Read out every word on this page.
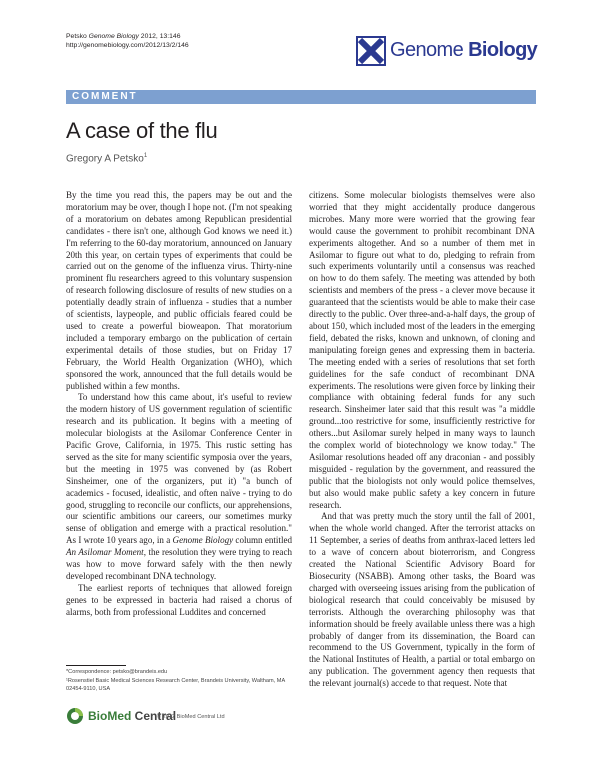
Petsko Genome Biology 2012, 13:146
http://genomebiology.com/2012/13/2/146	Genome Biology
COMMENT
A case of the flu
Gregory A Petsko$^1$

By the time you read this, the papers may be out and the moratorium may be over, though I hope not. (I'm not speaking of a moratorium on debates among Republican presidential candidates - there isn't one, although God knows we need it.) I'm referring to the 60-day moratorium, announced on January 20th this year, on certain types of experiments that could be carried out on the genome of the influenza virus. Thirty-nine prominent flu researchers agreed to this voluntary suspension of research following disclosure of results of new studies on a potentially deadly strain of influenza - studies that a number of scientists, laypeople, and public officials feared could be used to create a powerful bioweapon. That moratorium included a temporary embargo on the publication of certain experimental details of those studies, but on Friday 17 February, the World Health Organization (WHO), which sponsored the work, announced that the full details would be published within a few months.

To understand how this came about, it's useful to review the modern history of US government regulation of scientific research and its publication. It begins with a meeting of molecular biologists at the Asilomar Conference Center in Pacific Grove, California, in 1975. This rustic setting has served as the site for many scientific symposia over the years, but the meeting in 1975 was convened by (as Robert Sinsheimer, one of the organizers, put it) "a bunch of academics - focused, idealistic, and often naïve - trying to do good, struggling to reconcile our conflicts, our apprehensions, our scientific ambitions our careers, our sometimes murky sense of obligation and emerge with a practical resolution." As I wrote 10 years ago, in a Genome Biology column entitled An Asilomar Moment, the resolution they were trying to reach was how to move forward safely with the then newly developed recombinant DNA technology.

The earliest reports of techniques that allowed foreign genes to be expressed in bacteria had raised a chorus of alarms, both from professional Luddites and concerned

citizens. Some molecular biologists themselves were also worried that they might accidentally produce dangerous microbes. Many more were worried that the growing fear would cause the government to prohibit recombinant DNA experiments altogether. And so a number of them met in Asilomar to figure out what to do, pledging to refrain from such experiments voluntarily until a consensus was reached on how to do them safely. The meeting was attended by both scientists and members of the press - a clever move because it guaranteed that the scientists would be able to make their case directly to the public. Over three-and-a-half days, the group of about 150, which included most of the leaders in the emerging field, debated the risks, known and unknown, of cloning and manipulating foreign genes and expressing them in bacteria. The meeting ended with a series of resolutions that set forth guidelines for the safe conduct of recombinant DNA experiments. The resolutions were given force by linking their compliance with obtaining federal funds for any such research. Sinsheimer later said that this result was "a middle ground...too restrictive for some, insufficiently restrictive for others...but Asilomar surely helped in many ways to launch the complex world of biotechnology we know today." The Asilomar resolutions headed off any draconian - and possibly misguided - regulation by the government, and reassured the public that the biologists not only would police themselves, but also would make public safety a key concern in future research.

And that was pretty much the story until the fall of 2001, when the whole world changed. After the terrorist attacks on 11 September, a series of deaths from anthrax-laced letters led to a wave of concern about bioterrorism, and Congress created the National Scientific Advisory Board for Biosecurity (NSABB). Among other tasks, the Board was charged with overseeing issues arising from the publication of biological research that could conceivably be misused by terrorists. Although the overarching philosophy was that information should be freely available unless there was a high probably of danger from its dissemination, the Board can recommend to the US Government, typically in the form of the National Institutes of Health, a partial or total embargo on any publication. The government agency then requests that the relevant journal(s) accede to that request. Note that

*Correspondence: petsko@brandeis.edu
¹Rosenstiel Basic Medical Sciences Research Center, Brandeis University, Waltham, MA 02454-9110, USA
BioMed Central
© 2012 BioMed Central Ltd
